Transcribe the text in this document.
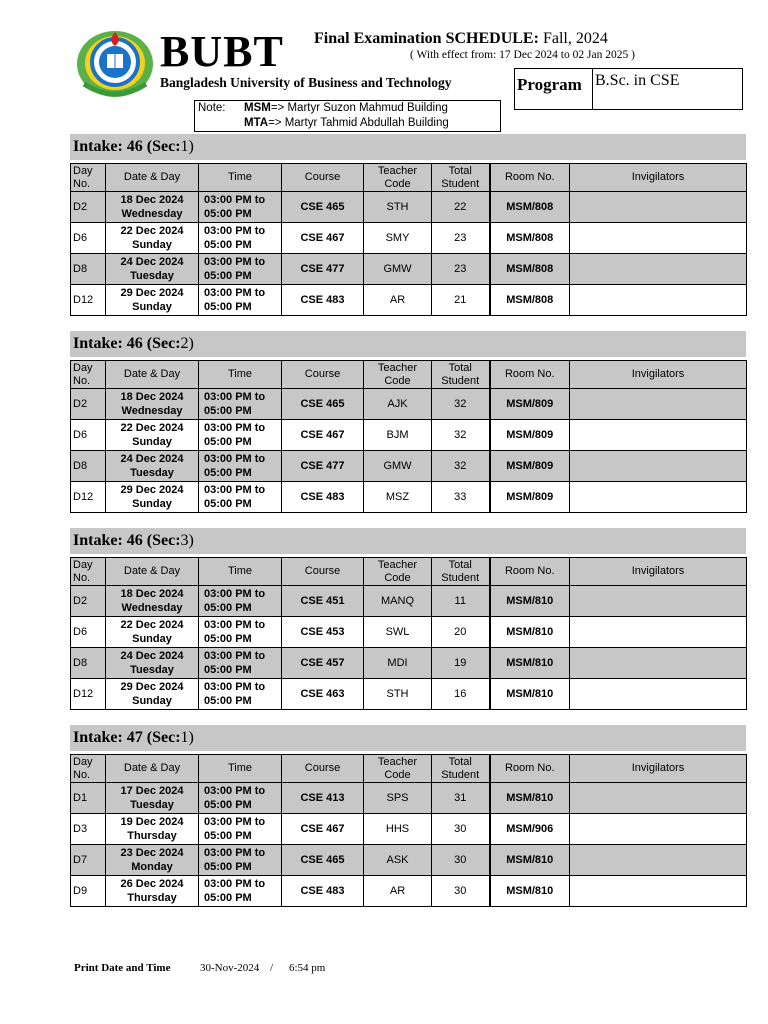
BUBT
Bangladesh University of Business and Technology
Final Examination SCHEDULE: Fall, 2024
( With effect from: 17 Dec 2024 to 02 Jan 2025 )
Program B.Sc. in CSE
Note: MSM=> Martyr Suzon Mahmud Building
MTA=> Martyr Tahmid Abdullah Building
Intake: 46 (Sec:1)
Day
No.	Date & Day	Time	Course	Teacher
Code	Total
Student	Room No.	Invigilators
D2	18 Dec 2024
Wednesday	03:00 PM to
05:00 PM	CSE 465	STH	22	MSM/808	
D6	22 Dec 2024
Sunday	03:00 PM to
05:00 PM	CSE 467	SMY	23	MSM/808	
D8	24 Dec 2024
Tuesday	03:00 PM to
05:00 PM	CSE 477	GMW	23	MSM/808	
D12	29 Dec 2024
Sunday	03:00 PM to
05:00 PM	CSE 483	AR	21	MSM/808	
Intake: 46 (Sec:2)
Day
No.	Date & Day	Time	Course	Teacher
Code	Total
Student	Room No.	Invigilators
D2	18 Dec 2024
Wednesday	03:00 PM to
05:00 PM	CSE 465	AJK	32	MSM/809	
D6	22 Dec 2024
Sunday	03:00 PM to
05:00 PM	CSE 467	BJM	32	MSM/809	
D8	24 Dec 2024
Tuesday	03:00 PM to
05:00 PM	CSE 477	GMW	32	MSM/809	
D12	29 Dec 2024
Sunday	03:00 PM to
05:00 PM	CSE 483	MSZ	33	MSM/809	
Intake: 46 (Sec:3)
Day
No.	Date & Day	Time	Course	Teacher
Code	Total
Student	Room No.	Invigilators
D2	18 Dec 2024
Wednesday	03:00 PM to
05:00 PM	CSE 451	MANQ	11	MSM/810	
D6	22 Dec 2024
Sunday	03:00 PM to
05:00 PM	CSE 453	SWL	20	MSM/810	
D8	24 Dec 2024
Tuesday	03:00 PM to
05:00 PM	CSE 457	MDI	19	MSM/810	
D12	29 Dec 2024
Sunday	03:00 PM to
05:00 PM	CSE 463	STH	16	MSM/810	
Intake: 47 (Sec:1)
Day
No.	Date & Day	Time	Course	Teacher
Code	Total
Student	Room No.	Invigilators
D1	17 Dec 2024
Tuesday	03:00 PM to
05:00 PM	CSE 413	SPS	31	MSM/810	
D3	19 Dec 2024
Thursday	03:00 PM to
05:00 PM	CSE 467	HHS	30	MSM/906	
D7	23 Dec 2024
Monday	03:00 PM to
05:00 PM	CSE 465	ASK	30	MSM/810	
D9	26 Dec 2024
Thursday	03:00 PM to
05:00 PM	CSE 483	AR	30	MSM/810	
Print Date and Time	30-Nov-2024 / 6:54 pm
